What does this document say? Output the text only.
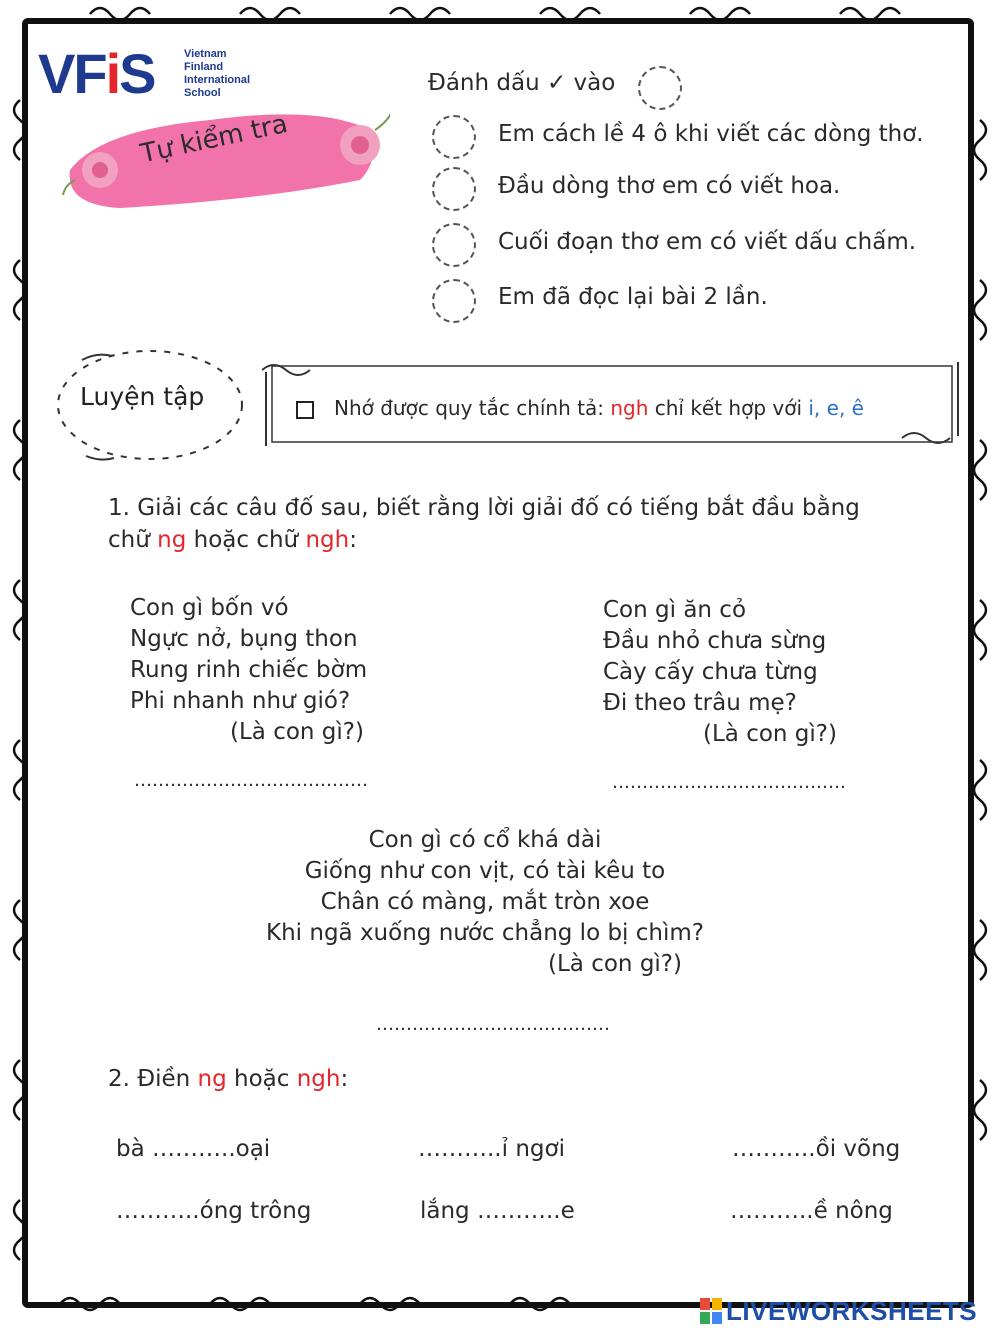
VFiS	Vietnam
Finland
International
School
Tự kiểm tra
Đánh dấu ✓ vào
Em cách lề 4 ô khi viết các dòng thơ.
Đầu dòng thơ em có viết hoa.
Cuối đoạn thơ em có viết dấu chấm.
Em đã đọc lại bài 2 lần.
Luyện tập	Nhớ được quy tắc chính tả: ngh chỉ kết hợp với i, e, ê
1. Giải các câu đố sau, biết rằng lời giải đố có tiếng bắt đầu bằng
chữ ng hoặc chữ ngh:
Con gì bốn vó
Ngực nở, bụng thon
Rung rinh chiếc bờm
Phi nhanh như gió?
(Là con gì?)
…………………………………
Con gì ăn cỏ
Đầu nhỏ chưa sừng
Cày cấy chưa từng
Đi theo trâu mẹ?
(Là con gì?)
…………………………………
Con gì có cổ khá dài
Giống như con vịt, có tài kêu to
Chân có màng, mắt tròn xoe
Khi ngã xuống nước chẳng lo bị chìm?
(Là con gì?)
…………………………………
2. Điền ng hoặc ngh:
bà ………..oại	………..ỉ ngơi	………..ồi võng
………..óng trông	lắng ………..e	………..ề nông
LIVEWORKSHEETS
